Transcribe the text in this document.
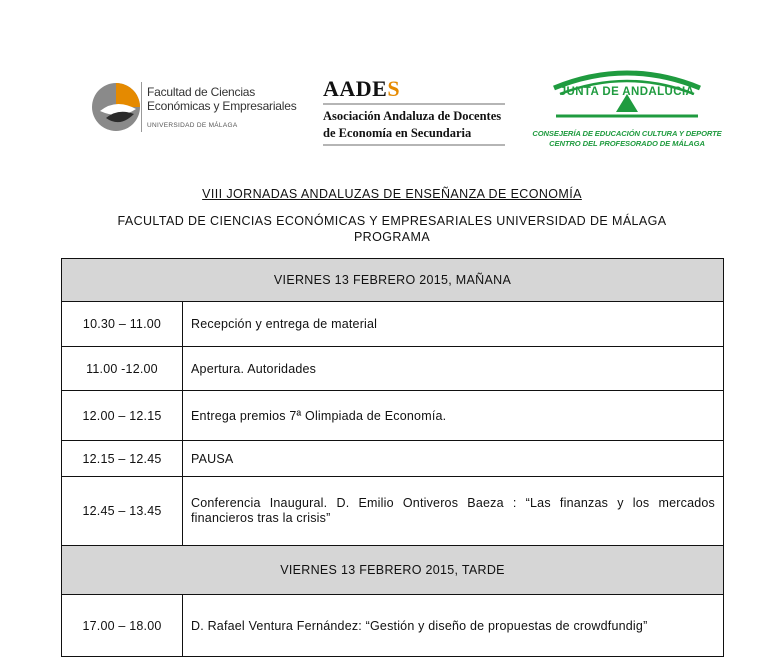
Facultad de Ciencias
Económicas y Empresariales
UNIVERSIDAD DE MÁLAGA
AADES
Asociación Andaluza de Docentes
de Economía en Secundaria
JUNTA DE ANDALUCIA
CONSEJERÍA DE EDUCACIÓN CULTURA Y DEPORTE
CENTRO DEL PROFESORADO DE MÁLAGA
VIII JORNADAS ANDALUZAS DE ENSEÑANZA DE ECONOMÍA
FACULTAD DE CIENCIAS ECONÓMICAS Y EMPRESARIALES UNIVERSIDAD DE MÁLAGA
PROGRAMA
VIERNES 13 FEBRERO 2015, MAÑANA	
10.30 – 11.00	Recepción y entrega de material
11.00 -12.00	Apertura. Autoridades
12.00 – 12.15	Entrega premios 7ª Olimpiada de Economía.
12.15 – 12.45	PAUSA
12.45 – 13.45	Conferencia Inaugural. D. Emilio Ontiveros Baeza : “Las finanzas y los mercados financieros tras la crisis”
VIERNES 13 FEBRERO 2015, TARDE	
17.00 – 18.00	D. Rafael Ventura Fernández: “Gestión y diseño de propuestas de crowdfundig”
